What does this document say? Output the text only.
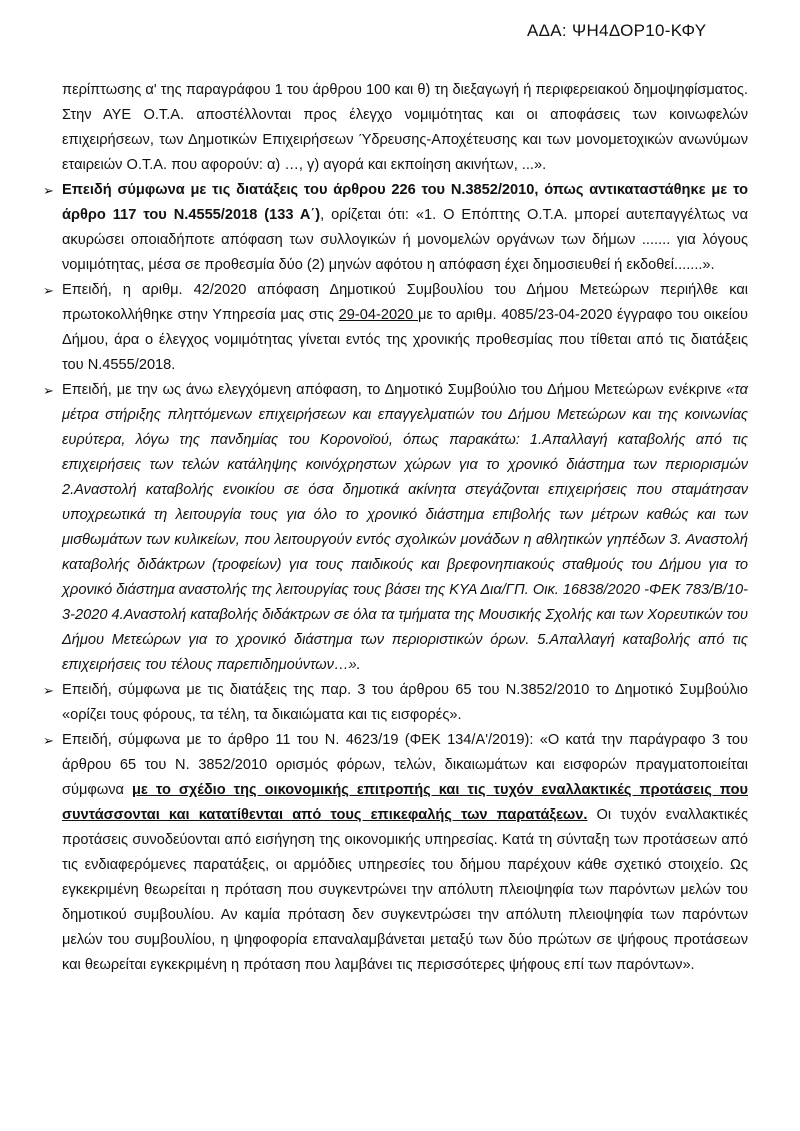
ΑΔΑ: ΨΗ4ΔΟΡ10-ΚΦΥ

περίπτωσης α' της παραγράφου 1 του άρθρου 100 και θ) τη διεξαγωγή ή περιφερειακού δημοψηφίσματος. Στην ΑΥΕ Ο.Τ.Α. αποστέλλονται προς έλεγχο νομιμότητας και οι αποφάσεις των κοινωφελών επιχειρήσεων, των Δημοτικών Επιχειρήσεων Ύδρευσης-Αποχέτευσης και των μονομετοχικών ανωνύμων εταιρειών Ο.Τ.Α. που αφορούν: α) …, γ) αγορά και εκποίηση ακινήτων, ...».

➢ Επειδή σύμφωνα με τις διατάξεις του άρθρου 226 του Ν.3852/2010, όπως αντικαταστάθηκε με το άρθρο 117 του Ν.4555/2018 (133 Α΄), ορίζεται ότι: «1. Ο Επόπτης Ο.Τ.Α. μπορεί αυτεπαγγέλτως να ακυρώσει οποιαδήποτε απόφαση των συλλογικών ή μονομελών οργάνων των δήμων ....... για λόγους νομιμότητας, μέσα σε προθεσμία δύο (2) μηνών αφότου η απόφαση έχει δημοσιευθεί ή εκδοθεί.......».

➢ Επειδή, η αριθμ. 42/2020 απόφαση Δημοτικού Συμβουλίου του Δήμου Μετεώρων περιήλθε και πρωτοκολλήθηκε στην Υπηρεσία μας στις 29-04-2020 με το αριθμ. 4085/23-04-2020 έγγραφο του οικείου Δήμου, άρα ο έλεγχος νομιμότητας γίνεται εντός της χρονικής προθεσμίας που τίθεται από τις διατάξεις του Ν.4555/2018.

➢ Επειδή, με την ως άνω ελεγχόμενη απόφαση, το Δημοτικό Συμβούλιο του Δήμου Μετεώρων ενέκρινε «τα μέτρα στήριξης πληττόμενων επιχειρήσεων και επαγγελματιών του Δήμου Μετεώρων και της κοινωνίας ευρύτερα, λόγω της πανδημίας του Κορονοϊού, όπως παρακάτω: 1.Απαλλαγή καταβολής από τις επιχειρήσεις των τελών κατάληψης κοινόχρηστων χώρων για το χρονικό διάστημα των περιορισμών 2.Αναστολή καταβολής ενοικίου σε όσα δημοτικά ακίνητα στεγάζονται επιχειρήσεις που σταμάτησαν υποχρεωτικά τη λειτουργία τους για όλο το χρονικό διάστημα επιβολής των μέτρων καθώς και των μισθωμάτων των κυλικείων, που λειτουργούν εντός σχολικών μονάδων η αθλητικών γηπέδων 3. Αναστολή καταβολής διδάκτρων (τροφείων) για τους παιδικούς και βρεφονηπιακούς σταθμούς του Δήμου για το χρονικό διάστημα αναστολής της λειτουργίας τους βάσει της ΚΥΑ Δια/ΓΠ. Οικ. 16838/2020 -ΦΕΚ 783/Β/10-3-2020 4.Αναστολή καταβολής διδάκτρων σε όλα τα τμήματα της Μουσικής Σχολής και των Χορευτικών του Δήμου Μετεώρων για το χρονικό διάστημα των περιοριστικών όρων. 5.Απαλλαγή καταβολής από τις επιχειρήσεις του τέλους παρεπιδημούντων…».

➢ Επειδή, σύμφωνα με τις διατάξεις της παρ. 3 του άρθρου 65 του Ν.3852/2010 το Δημοτικό Συμβούλιο «ορίζει τους φόρους, τα τέλη, τα δικαιώματα και τις εισφορές».

➢ Επειδή, σύμφωνα με το άρθρο 11 του Ν. 4623/19 (ΦΕΚ 134/Α'/2019): «Ο κατά την παράγραφο 3 του άρθρου 65 του Ν. 3852/2010 ορισμός φόρων, τελών, δικαιωμάτων και εισφορών πραγματοποιείται σύμφωνα με το σχέδιο της οικονομικής επιτροπής και τις τυχόν εναλλακτικές προτάσεις που συντάσσονται και κατατίθενται από τους επικεφαλής των παρατάξεων. Οι τυχόν εναλλακτικές προτάσεις συνοδεύονται από εισήγηση της οικονομικής υπηρεσίας. Κατά τη σύνταξη των προτάσεων από τις ενδιαφερόμενες παρατάξεις, οι αρμόδιες υπηρεσίες του δήμου παρέχουν κάθε σχετικό στοιχείο. Ως εγκεκριμένη θεωρείται η πρόταση που συγκεντρώνει την απόλυτη πλειοψηφία των παρόντων μελών του δημοτικού συμβουλίου. Αν καμία πρόταση δεν συγκεντρώσει την απόλυτη πλειοψηφία των παρόντων μελών του συμβουλίου, η ψηφοφορία επαναλαμβάνεται μεταξύ των δύο πρώτων σε ψήφους προτάσεων και θεωρείται εγκεκριμένη η πρόταση που λαμβάνει τις περισσότερες ψήφους επί των παρόντων».
